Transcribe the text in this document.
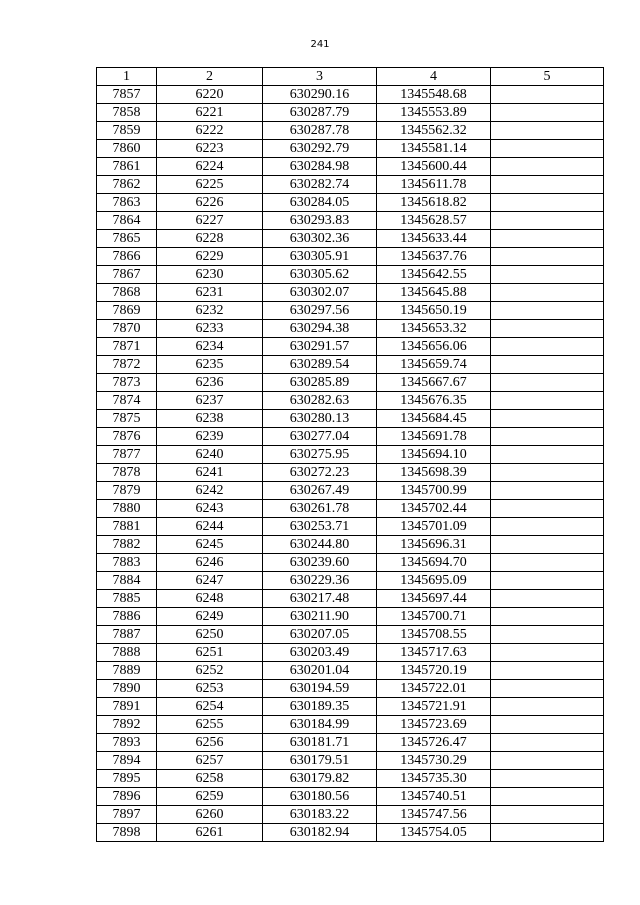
241
1	2	3	4	5
7857	6220	630290.16	1345548.68	
7858	6221	630287.79	1345553.89	
7859	6222	630287.78	1345562.32	
7860	6223	630292.79	1345581.14	
7861	6224	630284.98	1345600.44	
7862	6225	630282.74	1345611.78	
7863	6226	630284.05	1345618.82	
7864	6227	630293.83	1345628.57	
7865	6228	630302.36	1345633.44	
7866	6229	630305.91	1345637.76	
7867	6230	630305.62	1345642.55	
7868	6231	630302.07	1345645.88	
7869	6232	630297.56	1345650.19	
7870	6233	630294.38	1345653.32	
7871	6234	630291.57	1345656.06	
7872	6235	630289.54	1345659.74	
7873	6236	630285.89	1345667.67	
7874	6237	630282.63	1345676.35	
7875	6238	630280.13	1345684.45	
7876	6239	630277.04	1345691.78	
7877	6240	630275.95	1345694.10	
7878	6241	630272.23	1345698.39	
7879	6242	630267.49	1345700.99	
7880	6243	630261.78	1345702.44	
7881	6244	630253.71	1345701.09	
7882	6245	630244.80	1345696.31	
7883	6246	630239.60	1345694.70	
7884	6247	630229.36	1345695.09	
7885	6248	630217.48	1345697.44	
7886	6249	630211.90	1345700.71	
7887	6250	630207.05	1345708.55	
7888	6251	630203.49	1345717.63	
7889	6252	630201.04	1345720.19	
7890	6253	630194.59	1345722.01	
7891	6254	630189.35	1345721.91	
7892	6255	630184.99	1345723.69	
7893	6256	630181.71	1345726.47	
7894	6257	630179.51	1345730.29	
7895	6258	630179.82	1345735.30	
7896	6259	630180.56	1345740.51	
7897	6260	630183.22	1345747.56	
7898	6261	630182.94	1345754.05	
